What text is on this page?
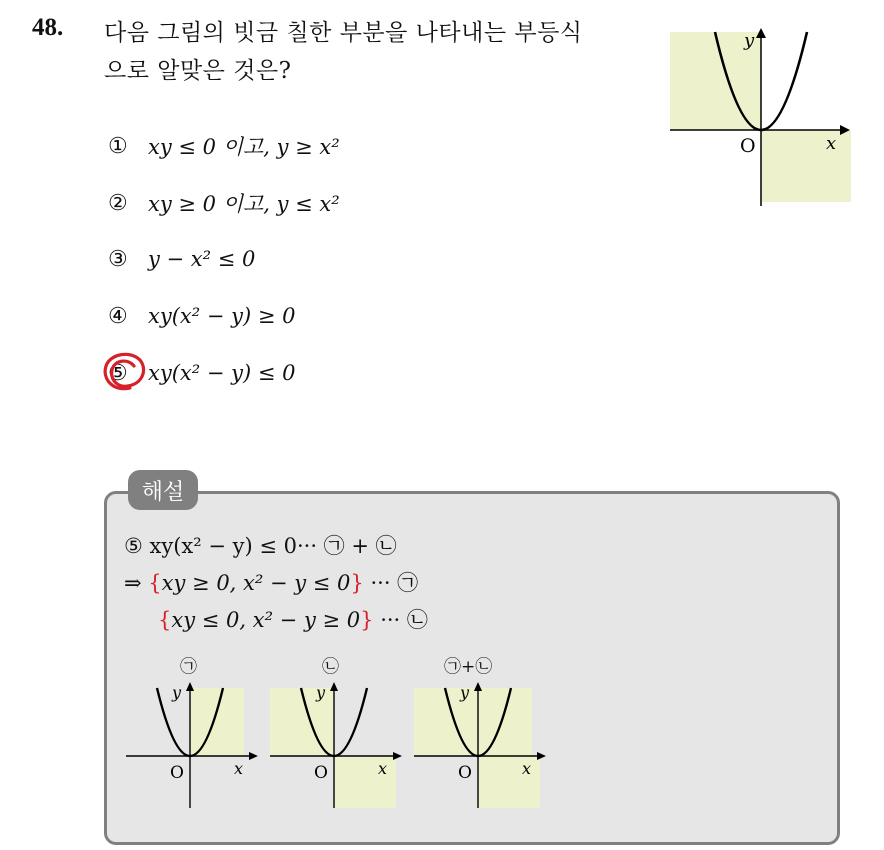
48. 다음 그림의 빗금 칠한 부분을 나타내는 부등식
으로 알맞은 것은?
y
x
O
① xy ≤ 0 이고, y ≥ x²
② xy ≥ 0 이고, y ≤ x²
③ y − x² ≤ 0
④ xy(x² − y) ≥ 0
⑤ xy(x² − y) ≤ 0
해설
⑤ xy(x² − y) ≤ 0··· ㉠ + ㉡
⇒ {xy ≥ 0, x² − y ≤ 0} ··· ㉠
{xy ≤ 0, x² − y ≥ 0} ··· ㉡
㉠	㉡	㉠+㉡
y
x
O
y
x
O
y
x
O
